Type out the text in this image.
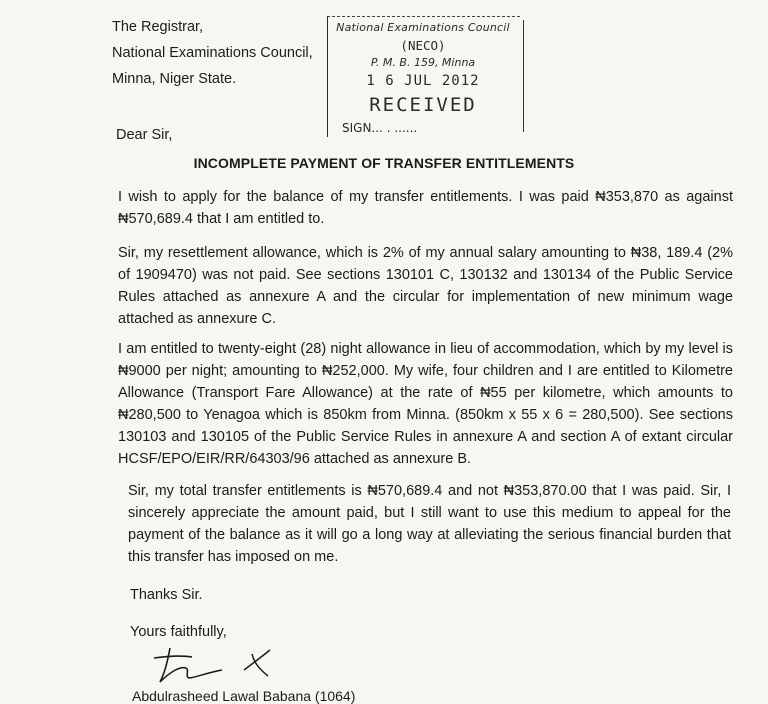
The Registrar,
National Examinations Council,
Minna, Niger State.
National Examinations Council
(NECO)
P. M. B. 159, Minna
1 6 JUL 2012
RECEIVED
SIGN... . ......
Dear Sir,
INCOMPLETE PAYMENT OF TRANSFER ENTITLEMENTS
I wish to apply for the balance of my transfer entitlements. I was paid ₦353,870 as against ₦570,689.4 that I am entitled to.
Sir, my resettlement allowance, which is 2% of my annual salary amounting to ₦38, 189.4 (2% of 1909470) was not paid. See sections 130101 C, 130132 and 130134 of the Public Service Rules attached as annexure A and the circular for implementation of new minimum wage attached as annexure C.
I am entitled to twenty-eight (28) night allowance in lieu of accommodation, which by my level is ₦9000 per night; amounting to ₦252,000. My wife, four children and I are entitled to Kilometre Allowance (Transport Fare Allowance) at the rate of ₦55 per kilometre, which amounts to ₦280,500 to Yenagoa which is 850km from Minna. (850km x 55 x 6 = 280,500). See sections 130103 and 130105 of the Public Service Rules in annexure A and section A of extant circular HCSF/EPO/EIR/RR/64303/96 attached as annexure B.
Sir, my total transfer entitlements is ₦570,689.4 and not ₦353,870.00 that I was paid. Sir, I sincerely appreciate the amount paid, but I still want to use this medium to appeal for the payment of the balance as it will go a long way at alleviating the serious financial burden that this transfer has imposed on me.
Thanks Sir.
Yours faithfully,
Abdulrasheed Lawal Babana (1064)
